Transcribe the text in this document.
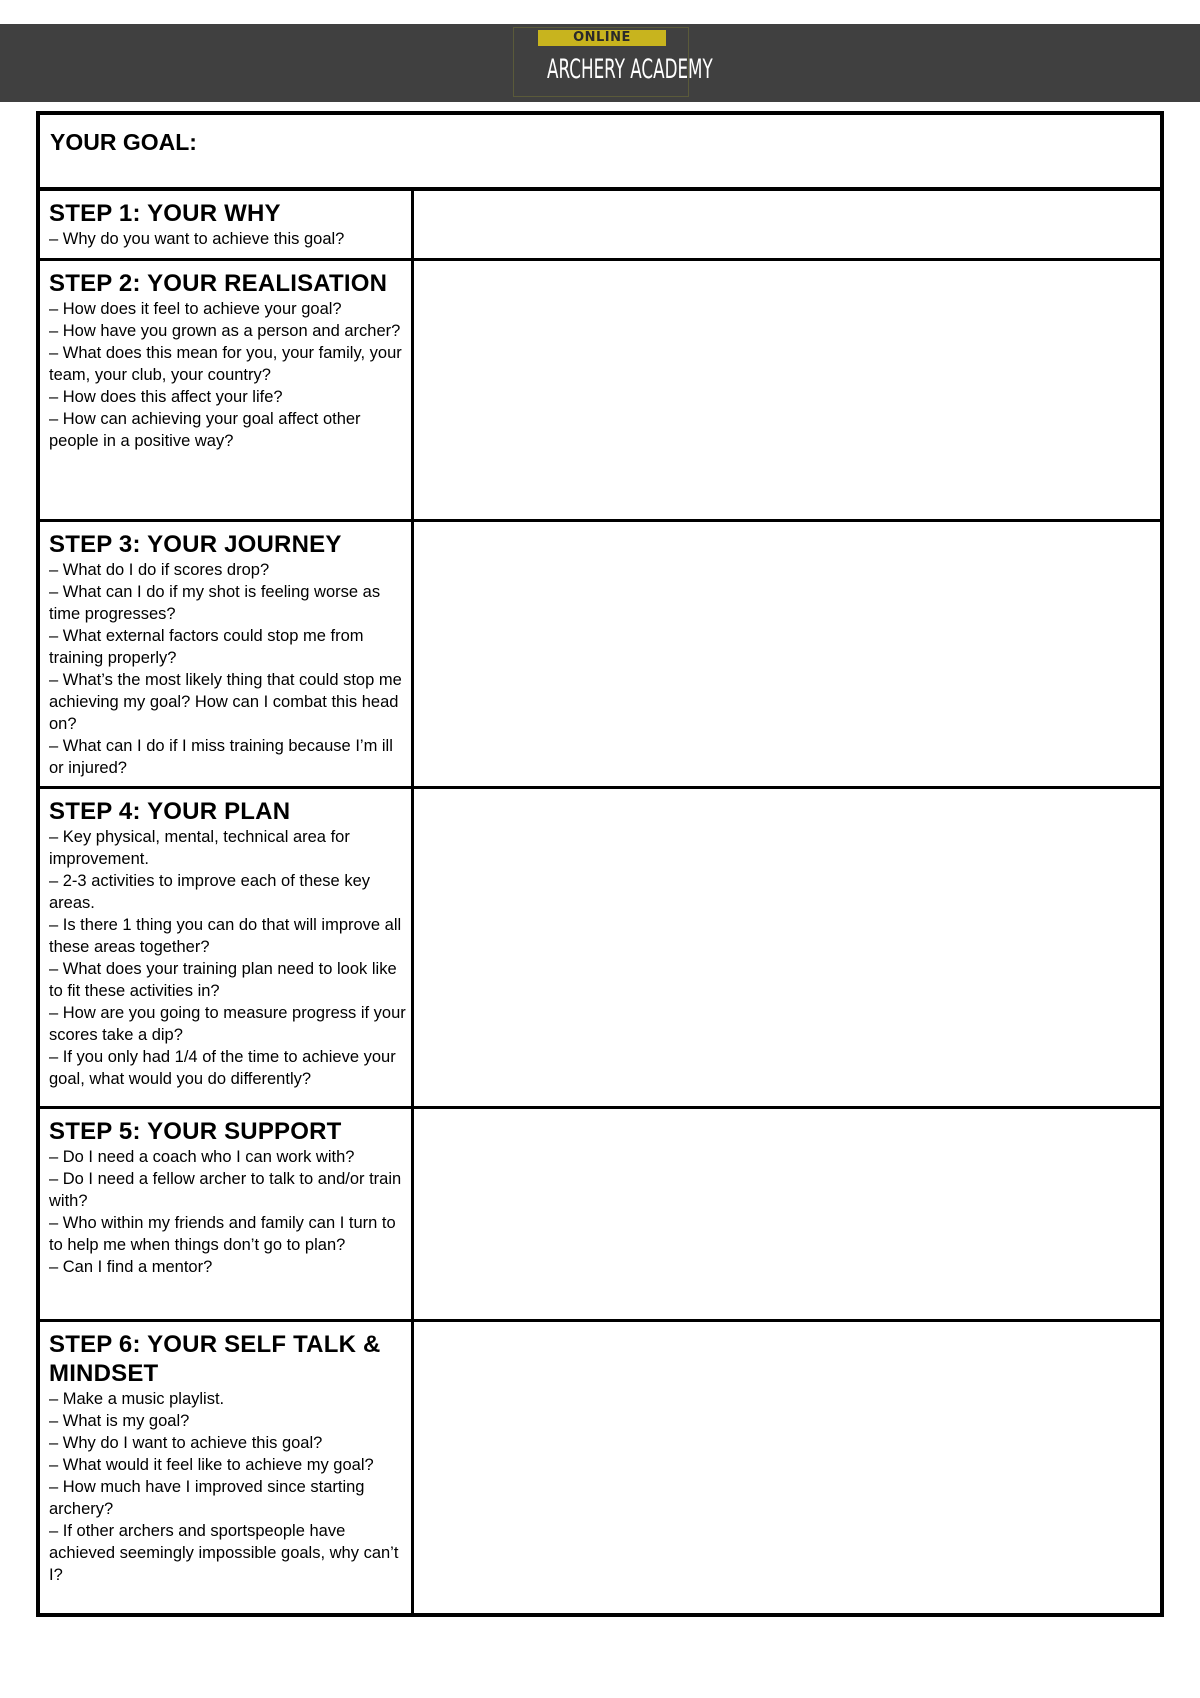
ONLINE
ARCHERY ACADEMY
YOUR GOAL:

STEP 1: YOUR WHY

– Why do you want to achieve this goal?

STEP 2: YOUR REALISATION

– How does it feel to achieve your goal?
– How have you grown as a person and archer?
– What does this mean for you, your family, your team, your club, your country?
– How does this affect your life?
– How can achieving your goal affect other people in a positive way?

STEP 3: YOUR JOURNEY

– What do I do if scores drop?
– What can I do if my shot is feeling worse as time progresses?
– What external factors could stop me from training properly?
– What’s the most likely thing that could stop me achieving my goal? How can I combat this head on?
– What can I do if I miss training because I’m ill or injured?

STEP 4: YOUR PLAN

– Key physical, mental, technical area for improvement.
– 2-3 activities to improve each of these key areas.
– Is there 1 thing you can do that will improve all these areas together?
– What does your training plan need to look like to fit these activities in?
– How are you going to measure progress if your scores take a dip?
– If you only had 1/4 of the time to achieve your goal, what would you do differently?

STEP 5: YOUR SUPPORT

– Do I need a coach who I can work with?
– Do I need a fellow archer to talk to and/or train with?
– Who within my friends and family can I turn to to help me when things don’t go to plan?
– Can I find a mentor?

STEP 6: YOUR SELF TALK & MINDSET

– Make a music playlist.
– What is my goal?
– Why do I want to achieve this goal?
– What would it feel like to achieve my goal?
– How much have I improved since starting archery?
– If other archers and sportspeople have achieved seemingly impossible goals, why can’t I?
